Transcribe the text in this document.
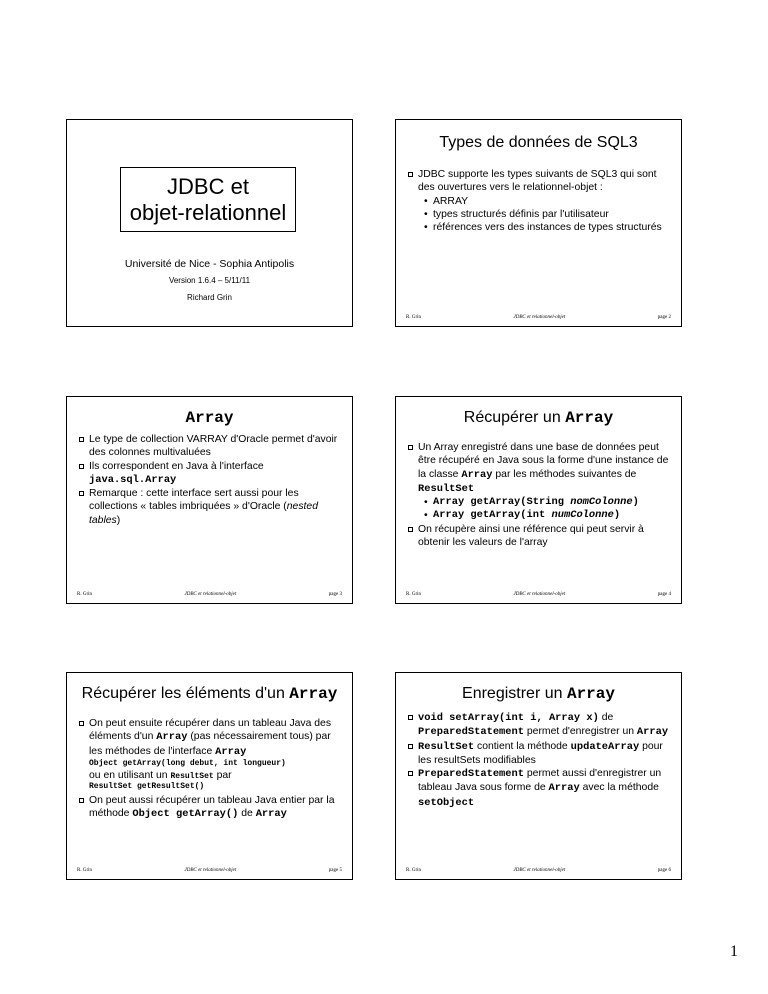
JDBC et
objet-relationnel
Université de Nice - Sophia Antipolis
Version 1.6.4 – 5/11/11
Richard Grin
Types de données de SQL3
JDBC supporte les types suivants de SQL3 qui sont des ouvertures vers le relationnel-objet :
• ARRAY
• types structurés définis par l'utilisateur
• références vers des instances de types structurés
R. Grin	JDBC et relationnel-objet	page 2
Array
Le type de collection VARRAY d'Oracle permet d'avoir des colonnes multivaluées
Ils correspondent en Java à l'interface java.sql.Array
Remarque : cette interface sert aussi pour les collections « tables imbriquées » d'Oracle (nested tables)
R. Grin	JDBC et relationnel-objet	page 3
Récupérer un Array
Un Array enregistré dans une base de données peut être récupéré en Java sous la forme d'une instance de la classe Array par les méthodes suivantes de ResultSet
• Array getArray(String nomColonne)
• Array getArray(int numColonne)
On récupère ainsi une référence qui peut servir à obtenir les valeurs de l'array
R. Grin	JDBC et relationnel-objet	page 4
Récupérer les éléments d'un Array
On peut ensuite récupérer dans un tableau Java des éléments d'un Array (pas nécessairement tous) par les méthodes de l'interface Array
Object getArray(long debut, int longueur)
ou en utilisant un ResultSet par
ResultSet getResultSet()
On peut aussi récupérer un tableau Java entier par la méthode Object getArray() de Array
R. Grin	JDBC et relationnel-objet	page 5
Enregistrer un Array
void setArray(int i, Array x) de PreparedStatement permet d'enregistrer un Array
ResultSet contient la méthode updateArray pour les resultSets modifiables
PreparedStatement permet aussi d'enregistrer un tableau Java sous forme de Array avec la méthode setObject
R. Grin	JDBC et relationnel-objet	page 6
1
